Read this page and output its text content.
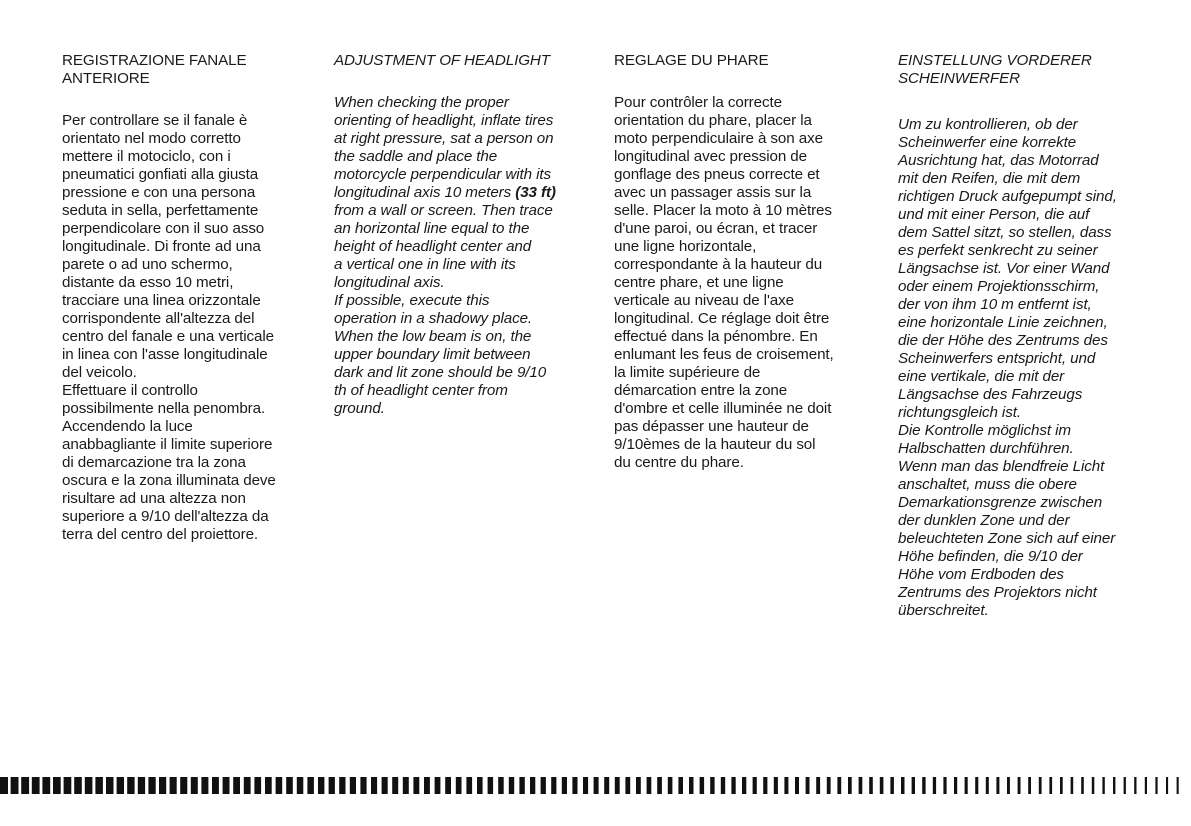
REGISTRAZIONE FANALE
ANTERIORE
Per controllare se il fanale è
orientato nel modo corretto
mettere il motociclo, con i
pneumatici gonfiati alla giusta
pressione e con una persona
seduta in sella, perfettamente
perpendicolare con il suo asso
longitudinale. Di fronte ad una
parete o ad uno schermo,
distante da esso 10 metri,
tracciare una linea orizzontale
corrispondente all'altezza del
centro del fanale e una verticale
in linea con l'asse longitudinale
del veicolo.
Effettuare il controllo
possibilmente nella penombra.
Accendendo la luce
anabbagliante il limite superiore
di demarcazione tra la zona
oscura e la zona illuminata deve
risultare ad una altezza non
superiore a 9/10 dell'altezza da
terra del centro del proiettore.
ADJUSTMENT OF HEADLIGHT
When checking the proper
orienting of headlight, inflate tires
at right pressure, sat a person on
the saddle and place the
motorcycle perpendicular with its
longitudinal axis 10 meters (33 ft)
from a wall or screen. Then trace
an horizontal line equal to the
height of headlight center and
a vertical one in line with its
longitudinal axis.
If possible, execute this
operation in a shadowy place.
When the low beam is on, the
upper boundary limit between
dark and lit zone should be 9/10
th of headlight center from
ground.
REGLAGE DU PHARE
Pour contrôler la correcte
orientation du phare, placer la
moto perpendiculaire à son axe
longitudinal avec pression de
gonflage des pneus correcte et
avec un passager assis sur la
selle. Placer la moto à 10 mètres
d'une paroi, ou écran, et tracer
une ligne horizontale,
correspondante à la hauteur du
centre phare, et une ligne
verticale au niveau de l'axe
longitudinal. Ce réglage doit être
effectué dans la pénombre. En
enlumant les feus de croisement,
la limite supérieure de
démarcation entre la zone
d'ombre et celle illuminée ne doit
pas dépasser une hauteur de
9/10èmes de la hauteur du sol
du centre du phare.
EINSTELLUNG VORDERER
SCHEINWERFER
Um zu kontrollieren, ob der
Scheinwerfer eine korrekte
Ausrichtung hat, das Motorrad
mit den Reifen, die mit dem
richtigen Druck aufgepumpt sind,
und mit einer Person, die auf
dem Sattel sitzt, so stellen, dass
es perfekt senkrecht zu seiner
Längsachse ist. Vor einer Wand
oder einem Projektionsschirm,
der von ihm 10 m entfernt ist,
eine horizontale Linie zeichnen,
die der Höhe des Zentrums des
Scheinwerfers entspricht, und
eine vertikale, die mit der
Längsachse des Fahrzeugs
richtungsgleich ist.
Die Kontrolle möglichst im
Halbschatten durchführen.
Wenn man das blendfreie Licht
anschaltet, muss die obere
Demarkationsgrenze zwischen
der dunklen Zone und der
beleuchteten Zone sich auf einer
Höhe befinden, die 9/10 der
Höhe vom Erdboden des
Zentrums des Projektors nicht
überschreitet.
